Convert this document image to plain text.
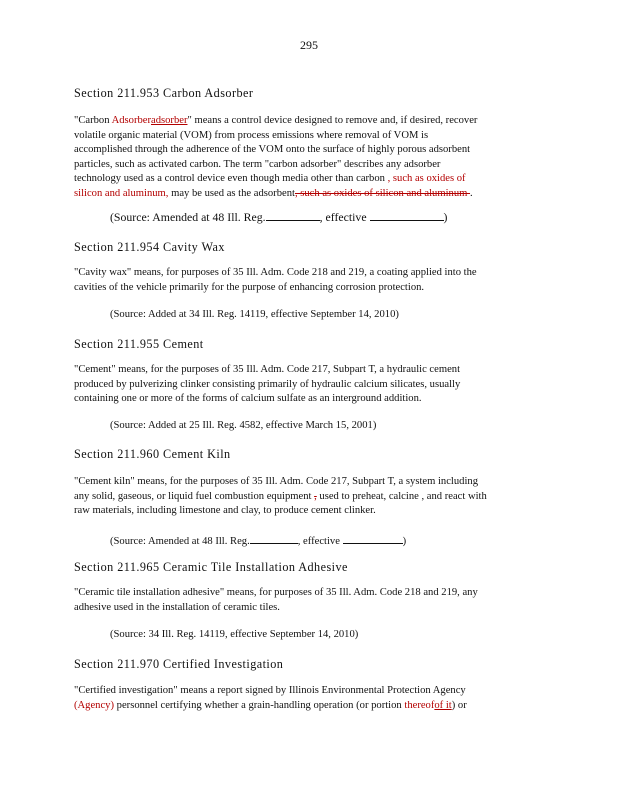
295
Section 211.953 Carbon Adsorber
"Carbon Adsorberadsorber" means a control device designed to remove and, if desired, recover
volatile organic material (VOM) from process emissions where removal of VOM is
accomplished through the adherence of the VOM onto the surface of highly porous adsorbent
particles, such as activated carbon. The term "carbon adsorber" describes any adsorber
technology used as a control device even though media other than carbon , such as oxides of
silicon and aluminum, may be used as the adsorbent, such as oxides of silicon and aluminum .
(Source: Amended at 48 Ill. Reg.	, effective	)
Section 211.954 Cavity Wax
"Cavity wax" means, for purposes of 35 Ill. Adm. Code 218 and 219, a coating applied into the
cavities of the vehicle primarily for the purpose of enhancing corrosion protection.
(Source: Added at 34 Ill. Reg. 14119, effective September 14, 2010)
Section 211.955 Cement
"Cement" means, for the purposes of 35 Ill. Adm. Code 217, Subpart T, a hydraulic cement
produced by pulverizing clinker consisting primarily of hydraulic calcium silicates, usually
containing one or more of the forms of calcium sulfate as an interground addition.
(Source: Added at 25 Ill. Reg. 4582, effective March 15, 2001)
Section 211.960 Cement Kiln
"Cement kiln" means, for the purposes of 35 Ill. Adm. Code 217, Subpart T, a system including
any solid, gaseous, or liquid fuel combustion equipment , used to preheat, calcine , and react with
raw materials, including limestone and clay, to produce cement clinker.
(Source: Amended at 48 Ill. Reg.	, effective	)
Section 211.965 Ceramic Tile Installation Adhesive
"Ceramic tile installation adhesive" means, for purposes of 35 Ill. Adm. Code 218 and 219, any
adhesive used in the installation of ceramic tiles.
(Source: 34 Ill. Reg. 14119, effective September 14, 2010)
Section 211.970 Certified Investigation
"Certified investigation" means a report signed by Illinois Environmental Protection Agency
(Agency) personnel certifying whether a grain-handling operation (or portion thereofof it) or
